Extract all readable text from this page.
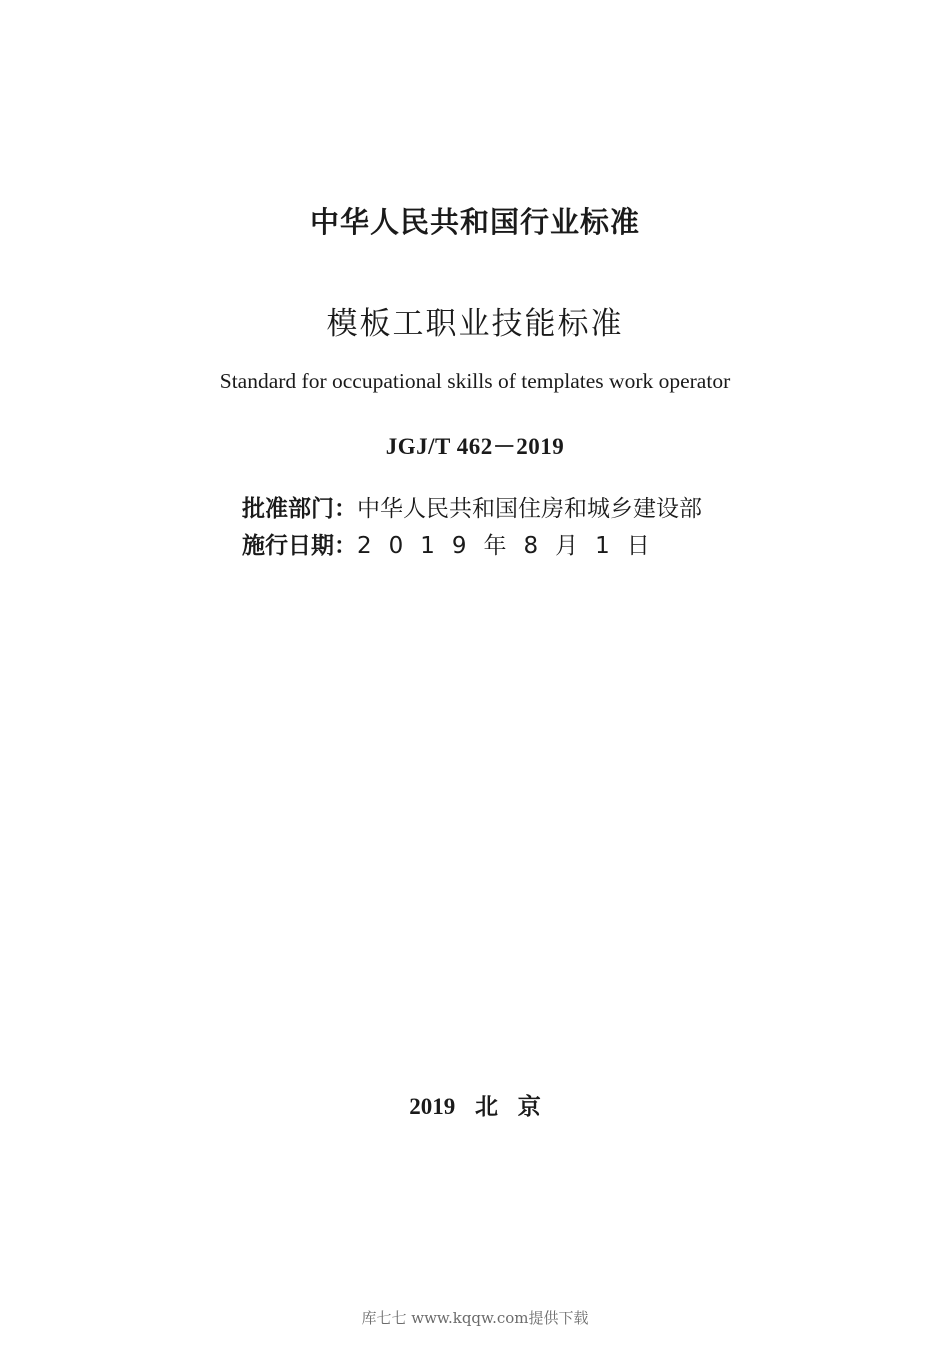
中华人民共和国行业标准
模板工职业技能标准
Standard for occupational skills of templates work operator
JGJ/T 462－2019
批准部门：中华人民共和国住房和城乡建设部
施行日期：2019年8月1日
2019 北 京
库七七 www.kqqw.com提供下载
